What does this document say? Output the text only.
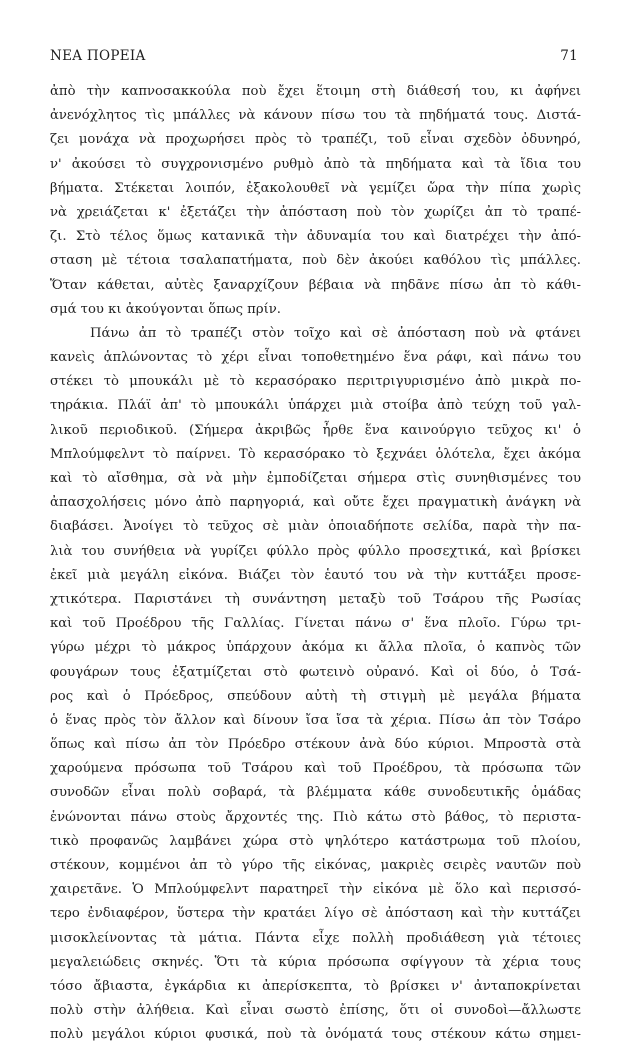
ΝΕΑ ΠΟΡΕΙΑ	71
ἀπὸ τὴν καπνοσακκούλα ποὺ ἔχει ἕτοιμη στὴ διάθεσή του, κι ἀφήνει
ἀνενόχλητος τὶς μπάλλες νὰ κάνουν πίσω του τὰ πηδήματά τους. Διστά-
ζει μονάχα νὰ προχωρήσει πρὸς τὸ τραπέζι, τοῦ εἶναι σχεδὸν ὀδυνηρό,
ν' ἀκούσει τὸ συγχρονισμένο ρυθμὸ ἀπὸ τὰ πηδήματα καὶ τὰ ἴδια του
βήματα. Στέκεται λοιπόν, ἐξακολουθεῖ νὰ γεμίζει ὥρα τὴν πίπα χωρὶς
νὰ χρειάζεται κ' ἐξετάζει τὴν ἀπόσταση ποὺ τὸν χωρίζει ἀπ τὸ τραπέ-
ζι. Στὸ τέλος ὅμως κατανικᾶ τὴν ἀδυναμία του καὶ διατρέχει τὴν ἀπό-
σταση μὲ τέτοια τσαλαπατήματα, ποὺ δὲν ἀκούει καθόλου τὶς μπάλλες.
Ὅταν κάθεται, αὐτὲς ξαναρχίζουν βέβαια νὰ πηδᾶνε πίσω ἀπ τὸ κάθι-
σμά του κι ἀκούγονται ὅπως πρίν.
Πάνω ἀπ τὸ τραπέζι στὸν τοῖχο καὶ σὲ ἀπόσταση ποὺ νὰ φτάνει
κανεὶς ἁπλώνοντας τὸ χέρι εἶναι τοποθετημένο ἕνα ράφι, καὶ πάνω του
στέκει τὸ μπουκάλι μὲ τὸ κερασόρακο περιτριγυρισμένο ἀπὸ μικρὰ πο-
τηράκια. Πλάϊ ἀπ' τὸ μπουκάλι ὑπάρχει μιὰ στοίβα ἀπὸ τεύχη τοῦ γαλ-
λικοῦ περιοδικοῦ. (Σήμερα ἀκριβῶς ἦρθε ἕνα καινούργιο τεῦχος κι' ὁ
Μπλούμφελντ τὸ παίρνει. Τὸ κερασόρακο τὸ ξεχνάει ὁλότελα, ἔχει ἀκόμα
καὶ τὸ αἴσθημα, σὰ νὰ μὴν ἐμποδίζεται σήμερα στὶς συνηθισμένες του
ἀπασχολήσεις μόνο ἀπὸ παρηγοριά, καὶ οὔτε ἔχει πραγματικὴ ἀνάγκη νὰ
διαβάσει. Ἀνοίγει τὸ τεῦχος σὲ μιὰν ὁποιαδήποτε σελίδα, παρὰ τὴν πα-
λιὰ του συνήθεια νὰ γυρίζει φύλλο πρὸς φύλλο προσεχτικά, καὶ βρίσκει
ἐκεῖ μιὰ μεγάλη εἰκόνα. Βιάζει τὸν ἑαυτό του νὰ τὴν κυττάξει προσε-
χτικότερα. Παριστάνει τὴ συνάντηση μεταξὺ τοῦ Τσάρου τῆς Ρωσίας
καὶ τοῦ Προέδρου τῆς Γαλλίας. Γίνεται πάνω σ' ἕνα πλοῖο. Γύρω τρι-
γύρω μέχρι τὸ μάκρος ὑπάρχουν ἀκόμα κι ἄλλα πλοῖα, ὁ καπνὸς τῶν
φουγάρων τους ἐξατμίζεται στὸ φωτεινὸ οὐρανό. Καὶ οἱ δύο, ὁ Τσά-
ρος καὶ ὁ Πρόεδρος, σπεύδουν αὐτὴ τὴ στιγμὴ μὲ μεγάλα βήματα
ὁ ἕνας πρὸς τὸν ἄλλον καὶ δίνουν ἴσα ἴσα τὰ χέρια. Πίσω ἀπ τὸν Τσάρο
ὅπως καὶ πίσω ἀπ τὸν Πρόεδρο στέκουν ἀνὰ δύο κύριοι. Μπροστὰ στὰ
χαρούμενα πρόσωπα τοῦ Τσάρου καὶ τοῦ Προέδρου, τὰ πρόσωπα τῶν
συνοδῶν εἶναι πολὺ σοβαρά, τὰ βλέμματα κάθε συνοδευτικῆς ὁμάδας
ἑνώνονται πάνω στοὺς ἄρχοντές της. Πιὸ κάτω στὸ βάθος, τὸ περιστα-
τικὸ προφανῶς λαμβάνει χώρα στὸ ψηλότερο κατάστρωμα τοῦ πλοίου,
στέκουν, κομμένοι ἀπ τὸ γύρο τῆς εἰκόνας, μακριὲς σειρὲς ναυτῶν ποὺ
χαιρετᾶνε. Ὁ Μπλούμφελντ παρατηρεῖ τὴν εἰκόνα μὲ ὅλο καὶ περισσό-
τερο ἐνδιαφέρον, ὕστερα τὴν κρατάει λίγο σὲ ἀπόσταση καὶ τὴν κυττάζει
μισοκλείνοντας τὰ μάτια. Πάντα εἶχε πολλὴ προδιάθεση γιὰ τέτοιες
μεγαλειώδεις σκηνές. Ὅτι τὰ κύρια πρόσωπα σφίγγουν τὰ χέρια τους
τόσο ἄβιαστα, ἐγκάρδια κι ἀπερίσκεπτα, τὸ βρίσκει ν' ἀνταποκρίνεται
πολὺ στὴν ἀλήθεια. Καὶ εἶναι σωστὸ ἐπίσης, ὅτι οἱ συνοδοὶ—ἄλλωστε
πολὺ μεγάλοι κύριοι φυσικά, ποὺ τὰ ὀνόματά τους στέκουν κάτω σημει-
